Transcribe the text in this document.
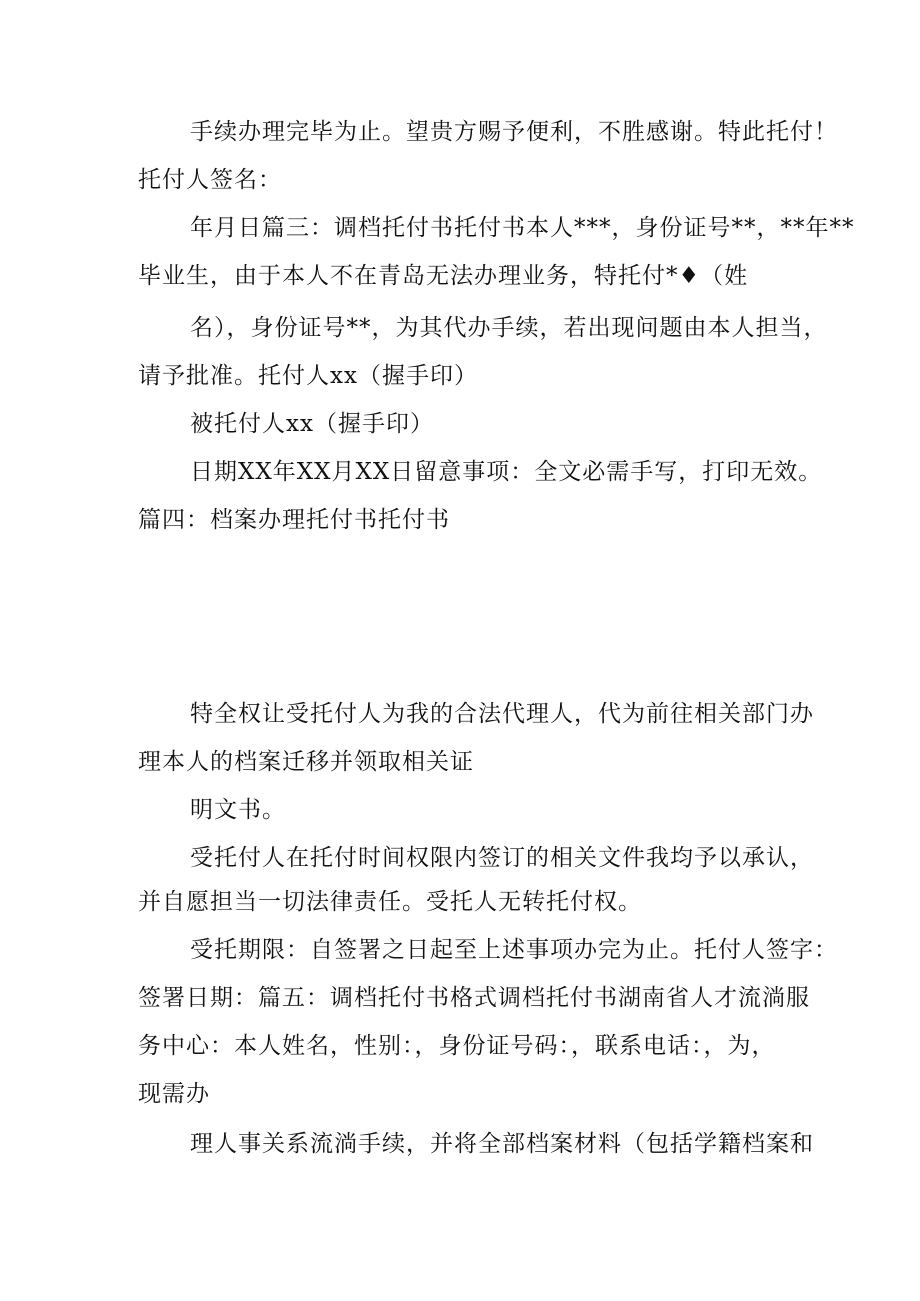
手续办理完毕为止。望贵方赐予便利，不胜感谢。特此托付！
托付人签名：
年月日篇三：调档托付书托付书本人***，身份证号**，**年**
毕业生，由于本人不在青岛无法办理业务，特托付*♦（姓
名），身份证号**，为其代办手续，若出现问题由本人担当，
请予批准。托付人xx（握手印）
被托付人xx（握手印）
日期XX年XX月XX日留意事项：全文必需手写，打印无效。
篇四：档案办理托付书托付书
特全权让受托付人为我的合法代理人，代为前往相关部门办
理本人的档案迁移并领取相关证
明文书。
受托付人在托付时间权限内签订的相关文件我均予以承认，
并自愿担当一切法律责任。受托人无转托付权。
受托期限：自签署之日起至上述事项办完为止。托付人签字：
签署日期：篇五：调档托付书格式调档托付书湖南省人才流淌服
务中心：本人姓名，性别：，身份证号码：，联系电话：，为，
现需办
理人事关系流淌手续，并将全部档案材料（包括学籍档案和
